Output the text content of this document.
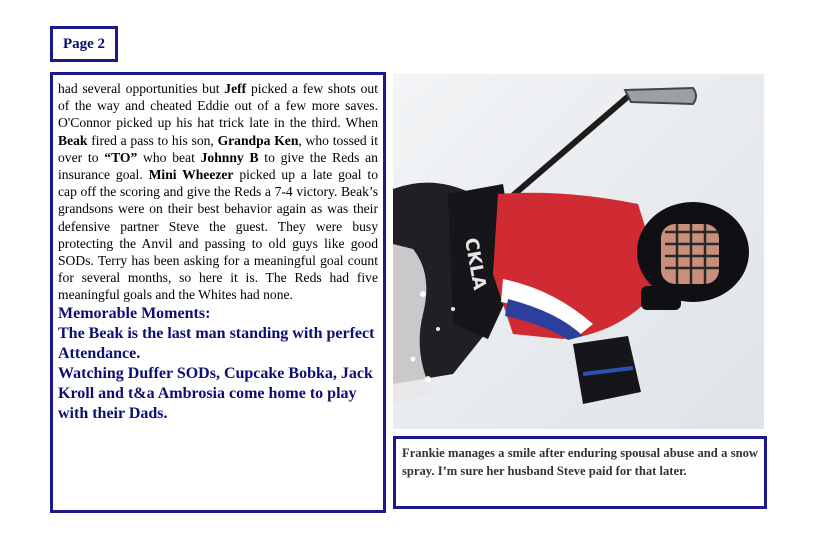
Page 2
had several opportunities but Jeff picked a few shots out of the way and cheated Eddie out of a few more saves. O'Connor picked up his hat trick late in the third. When Beak fired a pass to his son, Grandpa Ken, who tossed it over to “TO” who beat Johnny B to give the Reds an insurance goal. Mini Wheezer picked up a late goal to cap off the scoring and give the Reds a 7-4 victory. Beak’s grandsons were on their best behavior again as was their defensive partner Steve the guest. They were busy protecting the Anvil and passing to old guys like good SODs. Terry has been asking for a meaningful goal count for several months, so here it is. The Reds had five meaningful goals and the Whites had none.
Memorable Moments:
The Beak is the last man standing with perfect Attendance.
Watching Duffer SODs, Cupcake Bobka, Jack Kroll and t&a Ambrosia come home to play with their Dads.
CKLA
Frankie manages a smile after enduring spousal abuse and a snow spray. I’m sure her husband Steve paid for that later.
